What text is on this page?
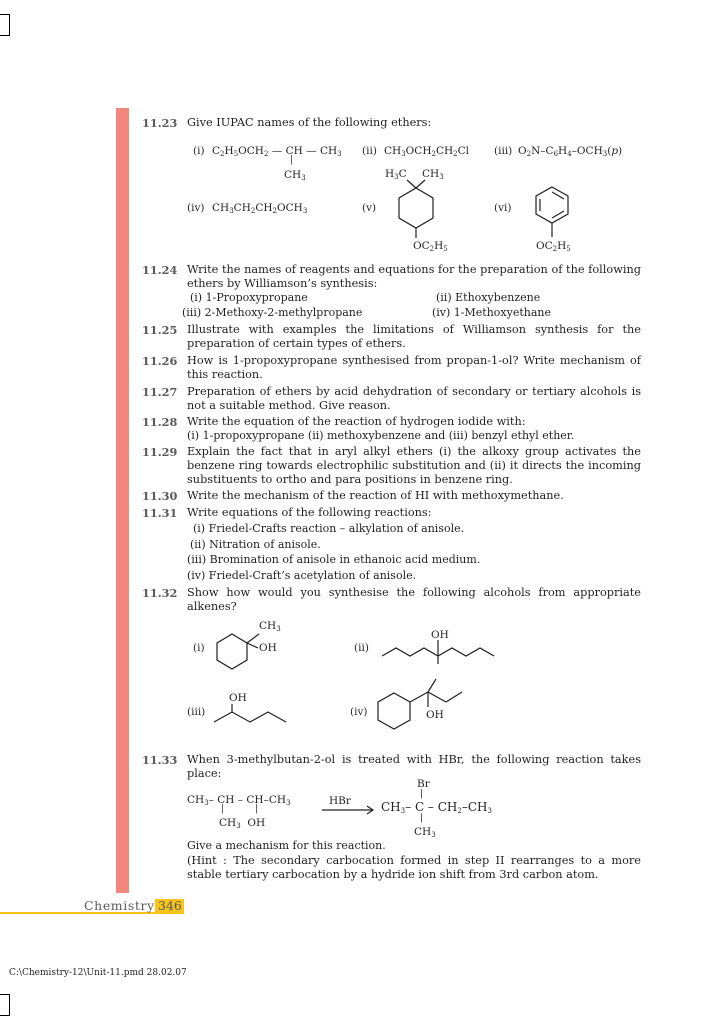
11.23 Give IUPAC names of the following ethers:
(i) $C_2H_5OCH_2$ — CH — $CH_3$
|
$CH_3$
(ii) $CH_3OCH_2CH_2Cl$ (iii) $O_2N-C_6H_4-OCH_3(p)$
(iv) $CH_3CH_2CH_2OCH_3$	(v)
$H_3C$ $CH_3$
$OC_2H_5$
(vi)
$OC_2H_5$
11.24 Write the names of reagents and equations for the preparation of the following ethers by Williamson’s synthesis:
(i) 1-Propoxypropane	(ii) Ethoxybenzene
(iii) 2-Methoxy-2-methylpropane	(iv) 1-Methoxyethane
11.25 Illustrate with examples the limitations of Williamson synthesis for the preparation of certain types of ethers.
11.26 How is 1-propoxypropane synthesised from propan-1-ol? Write mechanism of this reaction.
11.27 Preparation of ethers by acid dehydration of secondary or tertiary alcohols is not a suitable method. Give reason.
11.28 Write the equation of the reaction of hydrogen iodide with:
(i) 1-propoxypropane (ii) methoxybenzene and (iii) benzyl ethyl ether.
11.29 Explain the fact that in aryl alkyl ethers (i) the alkoxy group activates the benzene ring towards electrophilic substitution and (ii) it directs the incoming substituents to ortho and para positions in benzene ring.
11.30 Write the mechanism of the reaction of HI with methoxymethane.
11.31 Write equations of the following reactions:
(i) Friedel-Crafts reaction – alkylation of anisole.
(ii) Nitration of anisole.
(iii) Bromination of anisole in ethanoic acid medium.
(iv) Friedel-Craft’s acetylation of anisole.
11.32 Show how would you synthesise the following alcohols from appropriate alkenes?
(i)
$CH_3$
OH	(ii)
OH
(iii)
OH
(iv)	OH
11.33 When 3-methylbutan-2-ol is treated with HBr, the following reaction takes place:
$CH_3-$ CH – $CH-CH_3$
|	|
$CH_3$  OH
HBr
Br
|
$CH_3-$ C – $CH_2-CH_3$
|
$CH_3$
Give a mechanism for this reaction.
(Hint : The secondary carbocation formed in step II rearranges to a more stable tertiary carbocation by a hydride ion shift from 3rd carbon atom.
Chemistry 346
C:\Chemistry-12\Unit-11.pmd 28.02.07
